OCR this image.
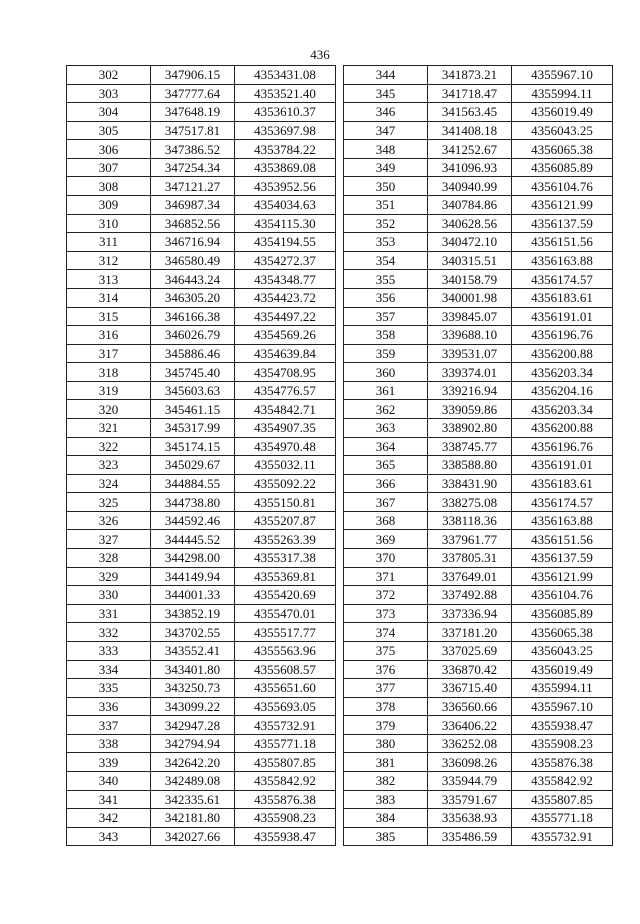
436
302	347906.15	4353431.08
303	347777.64	4353521.40
304	347648.19	4353610.37
305	347517.81	4353697.98
306	347386.52	4353784.22
307	347254.34	4353869.08
308	347121.27	4353952.56
309	346987.34	4354034.63
310	346852.56	4354115.30
311	346716.94	4354194.55
312	346580.49	4354272.37
313	346443.24	4354348.77
314	346305.20	4354423.72
315	346166.38	4354497.22
316	346026.79	4354569.26
317	345886.46	4354639.84
318	345745.40	4354708.95
319	345603.63	4354776.57
320	345461.15	4354842.71
321	345317.99	4354907.35
322	345174.15	4354970.48
323	345029.67	4355032.11
324	344884.55	4355092.22
325	344738.80	4355150.81
326	344592.46	4355207.87
327	344445.52	4355263.39
328	344298.00	4355317.38
329	344149.94	4355369.81
330	344001.33	4355420.69
331	343852.19	4355470.01
332	343702.55	4355517.77
333	343552.41	4355563.96
334	343401.80	4355608.57
335	343250.73	4355651.60
336	343099.22	4355693.05
337	342947.28	4355732.91
338	342794.94	4355771.18
339	342642.20	4355807.85
340	342489.08	4355842.92
341	342335.61	4355876.38
342	342181.80	4355908.23
343	342027.66	4355938.47
344	341873.21	4355967.10
345	341718.47	4355994.11
346	341563.45	4356019.49
347	341408.18	4356043.25
348	341252.67	4356065.38
349	341096.93	4356085.89
350	340940.99	4356104.76
351	340784.86	4356121.99
352	340628.56	4356137.59
353	340472.10	4356151.56
354	340315.51	4356163.88
355	340158.79	4356174.57
356	340001.98	4356183.61
357	339845.07	4356191.01
358	339688.10	4356196.76
359	339531.07	4356200.88
360	339374.01	4356203.34
361	339216.94	4356204.16
362	339059.86	4356203.34
363	338902.80	4356200.88
364	338745.77	4356196.76
365	338588.80	4356191.01
366	338431.90	4356183.61
367	338275.08	4356174.57
368	338118.36	4356163.88
369	337961.77	4356151.56
370	337805.31	4356137.59
371	337649.01	4356121.99
372	337492.88	4356104.76
373	337336.94	4356085.89
374	337181.20	4356065.38
375	337025.69	4356043.25
376	336870.42	4356019.49
377	336715.40	4355994.11
378	336560.66	4355967.10
379	336406.22	4355938.47
380	336252.08	4355908.23
381	336098.26	4355876.38
382	335944.79	4355842.92
383	335791.67	4355807.85
384	335638.93	4355771.18
385	335486.59	4355732.91
